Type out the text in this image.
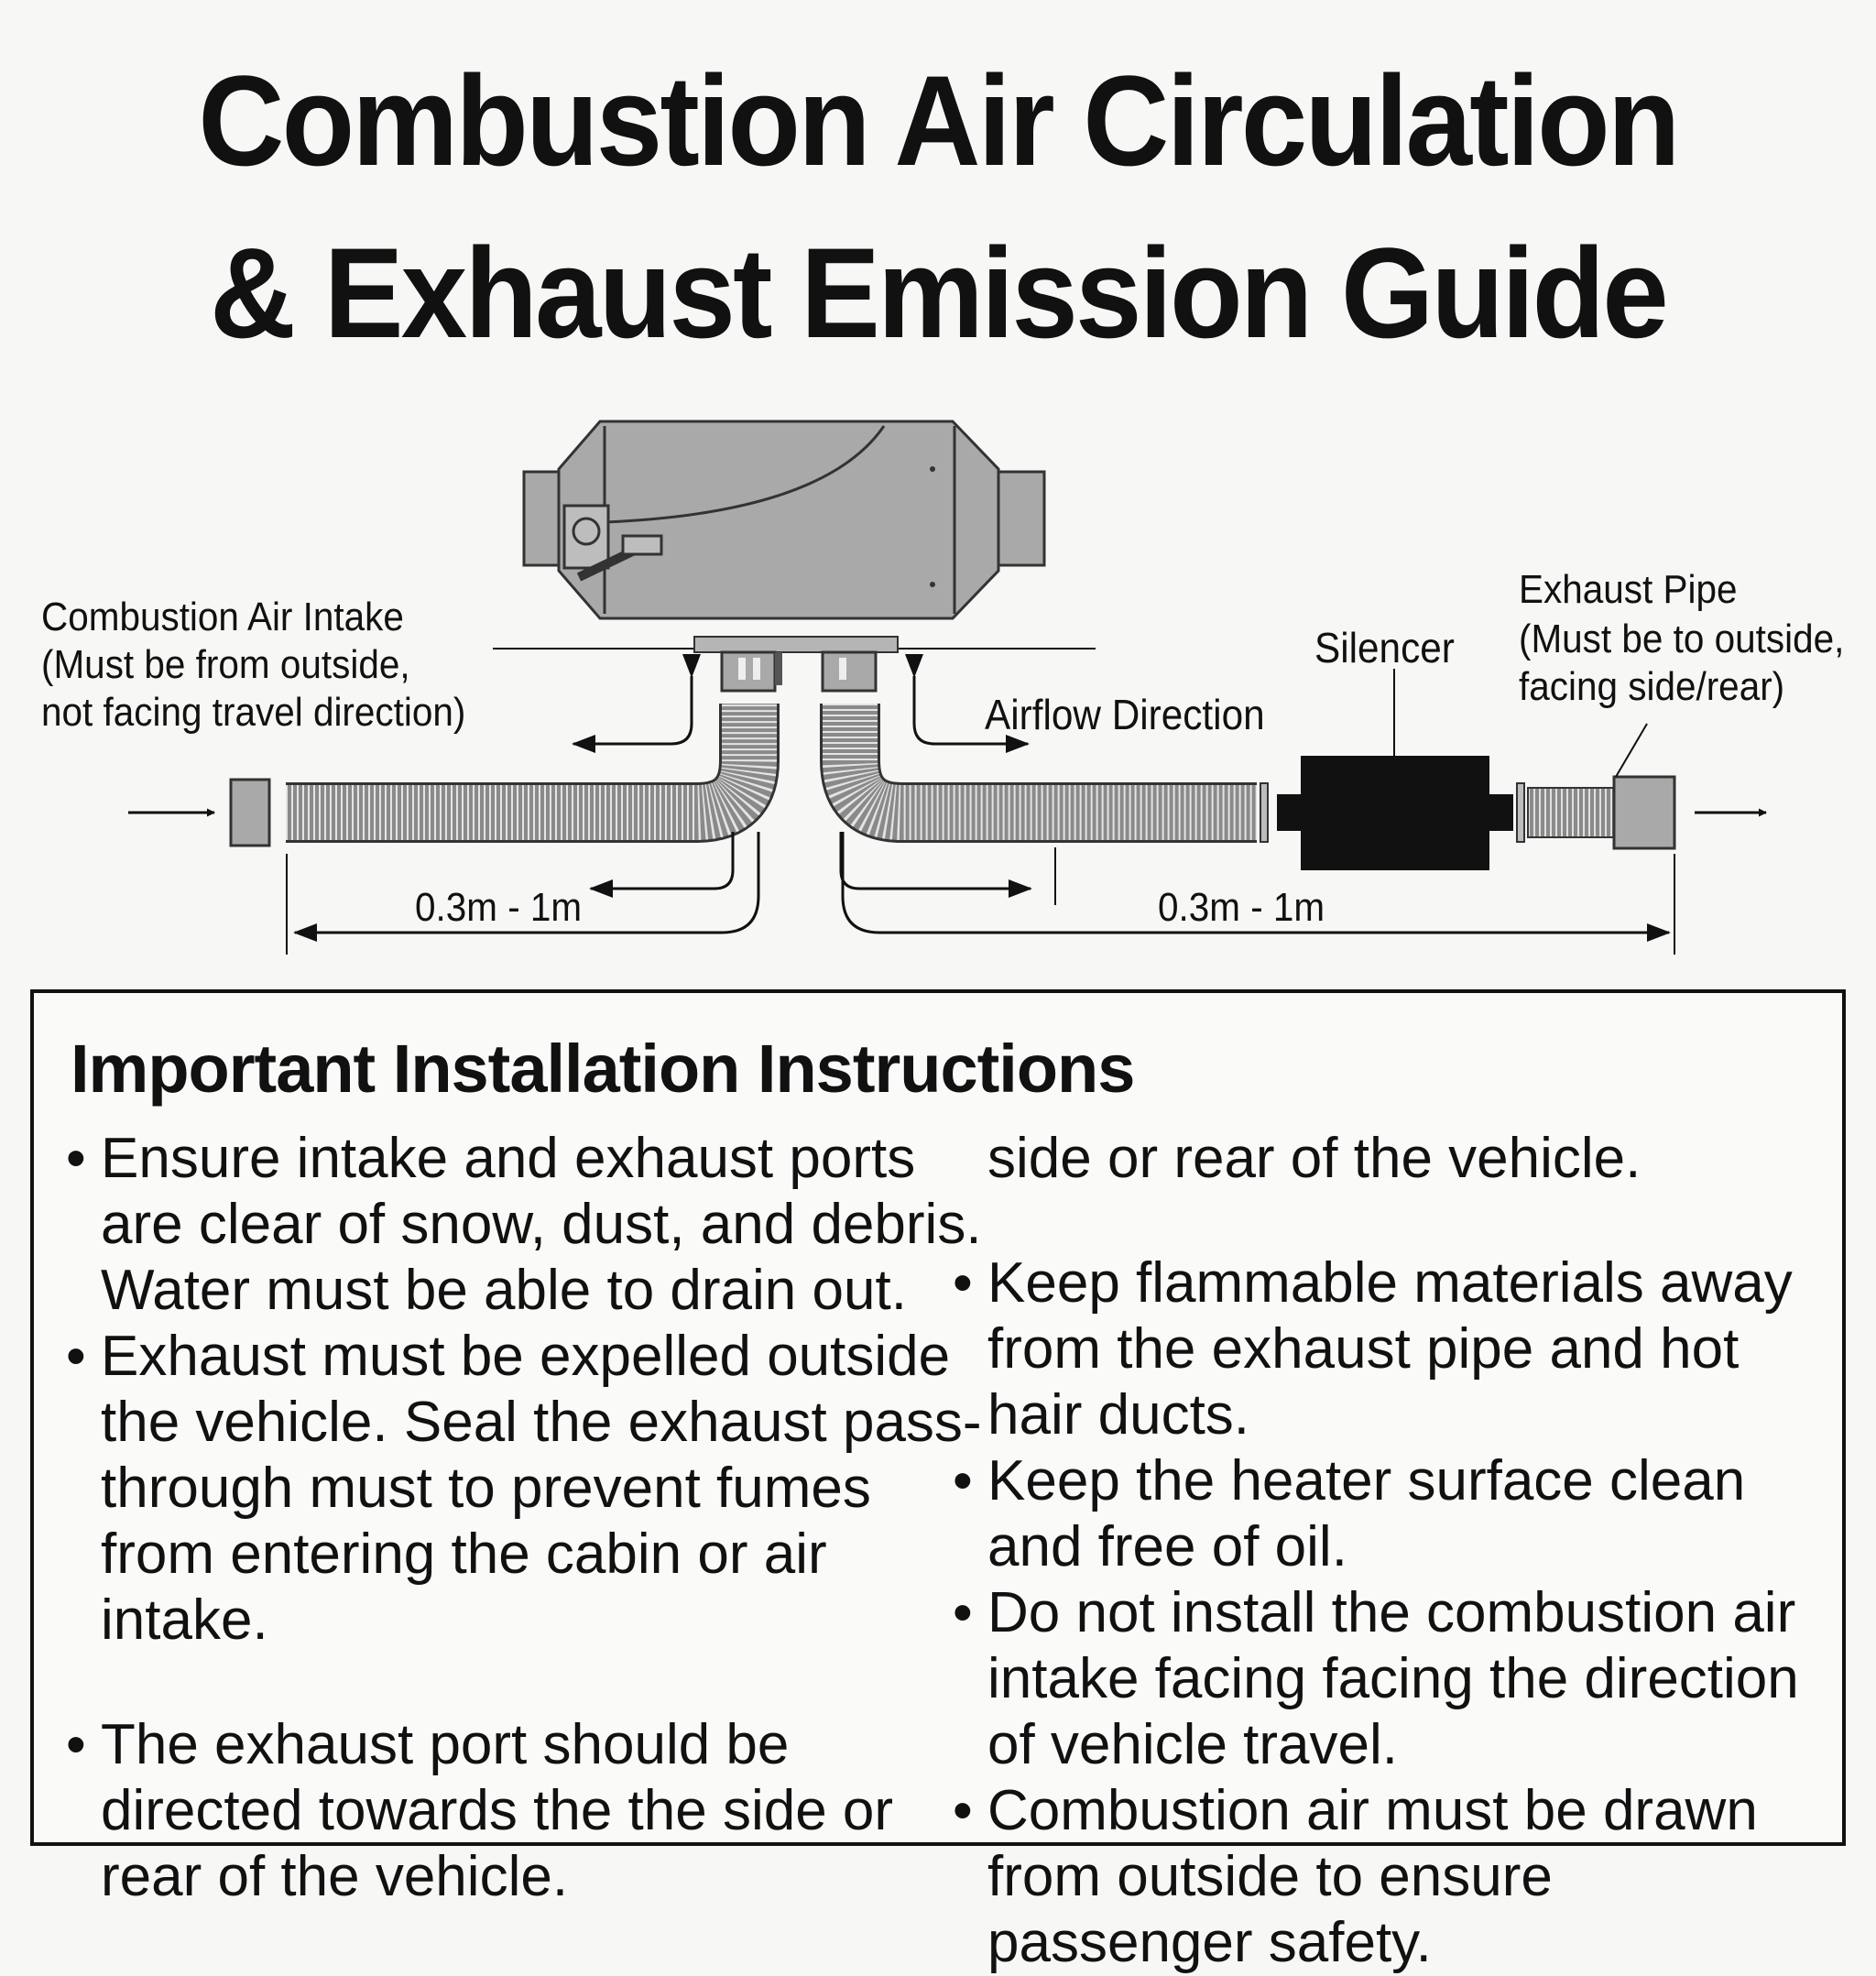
Combustion Air Circulation
& Exhaust Emission Guide
Combustion Air Intake (Must be from outside, not facing travel direction)
Exhaust Pipe (Must be to outside, facing side/rear)
Silencer
Airflow Direction
0.3m - 1m	0.3m - 1m
Important Installation Instructions
• Ensure intake and exhaust ports are clear of snow, dust, and debris. Water must be able to drain out.
• Exhaust must be expelled outside the vehicle. Seal the exhaust pass-through must to prevent fumes from entering the cabin or air intake.
• The exhaust port should be directed towards the the side or rear of the vehicle.
side or rear of the vehicle.
• Keep flammable materials away from the exhaust pipe and hot hair ducts.
• Keep the heater surface clean and free of oil.
• Do not install the combustion air intake facing facing the direction of vehicle travel.
• Combustion air must be drawn from outside to ensure passenger safety.
